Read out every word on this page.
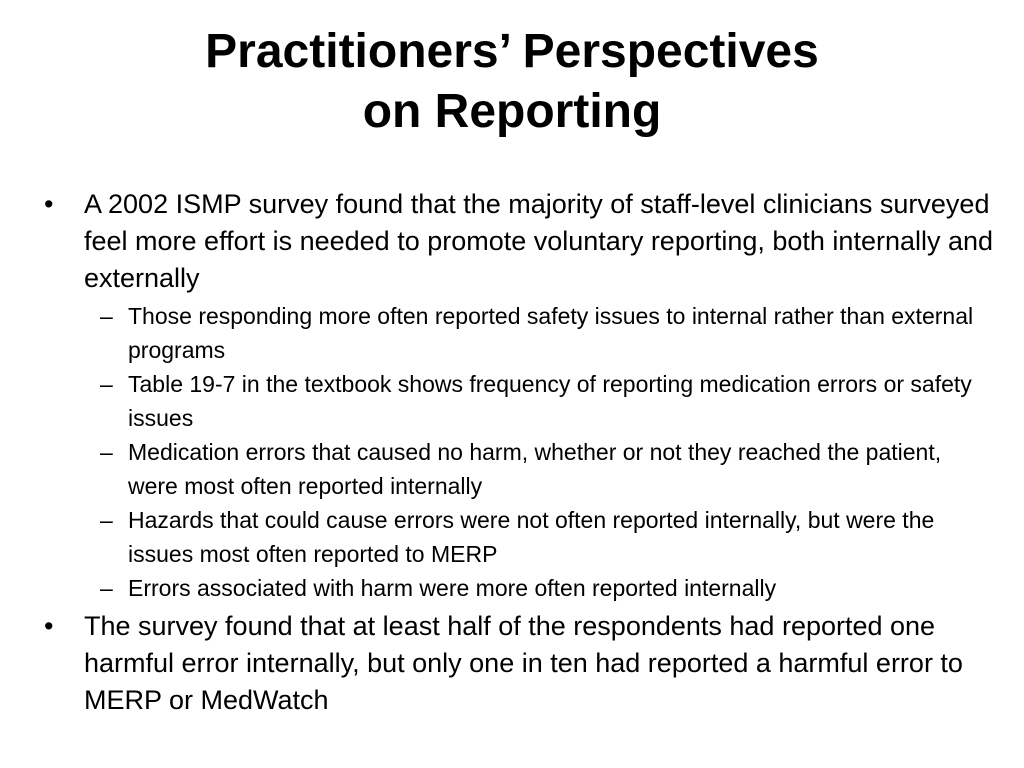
Practitioners’ Perspectives
on Reporting
• A 2002 ISMP survey found that the majority of staff-level clinicians surveyed feel more effort is needed to promote voluntary reporting, both internally and externally
– Those responding more often reported safety issues to internal rather than external programs
– Table 19-7 in the textbook shows frequency of reporting medication errors or safety issues
– Medication errors that caused no harm, whether or not they reached the patient, were most often reported internally
– Hazards that could cause errors were not often reported internally, but were the issues most often reported to MERP
– Errors associated with harm were more often reported internally
• The survey found that at least half of the respondents had reported one harmful error internally, but only one in ten had reported a harmful error to MERP or MedWatch
